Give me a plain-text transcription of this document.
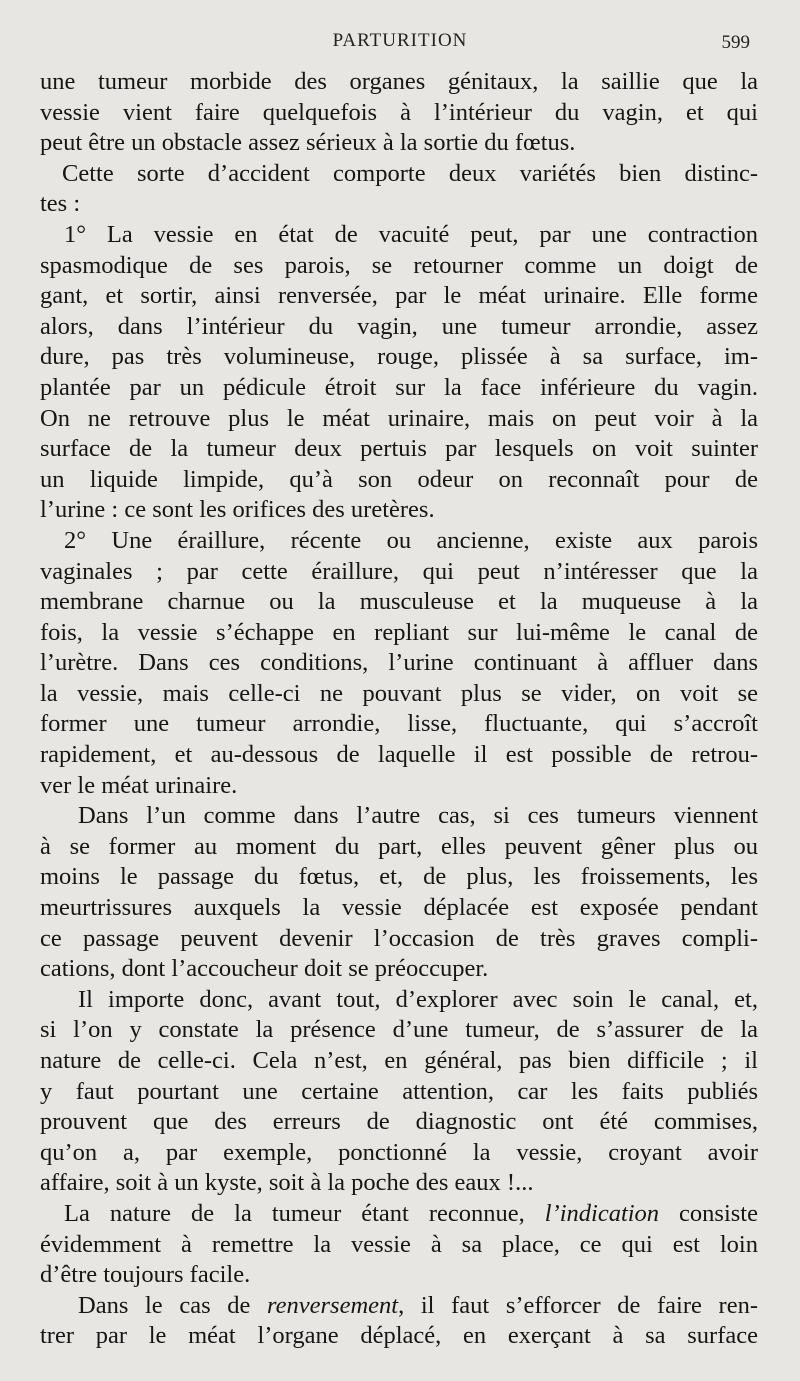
PARTURITION	599
une tumeur morbide des organes génitaux, la saillie que la
vessie vient faire quelquefois à l’intérieur du vagin, et qui
peut être un obstacle assez sérieux à la sortie du fœtus.
Cette sorte d’accident comporte deux variétés bien distinc-
tes :
1° La vessie en état de vacuité peut, par une contraction
spasmodique de ses parois, se retourner comme un doigt de
gant, et sortir, ainsi renversée, par le méat urinaire. Elle forme
alors, dans l’intérieur du vagin, une tumeur arrondie, assez
dure, pas très volumineuse, rouge, plissée à sa surface, im-
plantée par un pédicule étroit sur la face inférieure du vagin.
On ne retrouve plus le méat urinaire, mais on peut voir à la
surface de la tumeur deux pertuis par lesquels on voit suinter
un liquide limpide, qu’à son odeur on reconnaît pour de
l’urine : ce sont les orifices des uretères.
2° Une éraillure, récente ou ancienne, existe aux parois
vaginales ; par cette éraillure, qui peut n’intéresser que la
membrane charnue ou la musculeuse et la muqueuse à la
fois, la vessie s’échappe en repliant sur lui-même le canal de
l’urètre. Dans ces conditions, l’urine continuant à affluer dans
la vessie, mais celle-ci ne pouvant plus se vider, on voit se
former une tumeur arrondie, lisse, fluctuante, qui s’accroît
rapidement, et au-dessous de laquelle il est possible de retrou-
ver le méat urinaire.
Dans l’un comme dans l’autre cas, si ces tumeurs viennent
à se former au moment du part, elles peuvent gêner plus ou
moins le passage du fœtus, et, de plus, les froissements, les
meurtrissures auxquels la vessie déplacée est exposée pendant
ce passage peuvent devenir l’occasion de très graves compli-
cations, dont l’accoucheur doit se préoccuper.
Il importe donc, avant tout, d’explorer avec soin le canal, et,
si l’on y constate la présence d’une tumeur, de s’assurer de la
nature de celle-ci. Cela n’est, en général, pas bien difficile ; il
y faut pourtant une certaine attention, car les faits publiés
prouvent que des erreurs de diagnostic ont été commises,
qu’on a, par exemple, ponctionné la vessie, croyant avoir
affaire, soit à un kyste, soit à la poche des eaux !...
La nature de la tumeur étant reconnue, l’indication consiste
évidemment à remettre la vessie à sa place, ce qui est loin
d’être toujours facile.
Dans le cas de renversement, il faut s’efforcer de faire ren-
trer par le méat l’organe déplacé, en exerçant à sa surface
